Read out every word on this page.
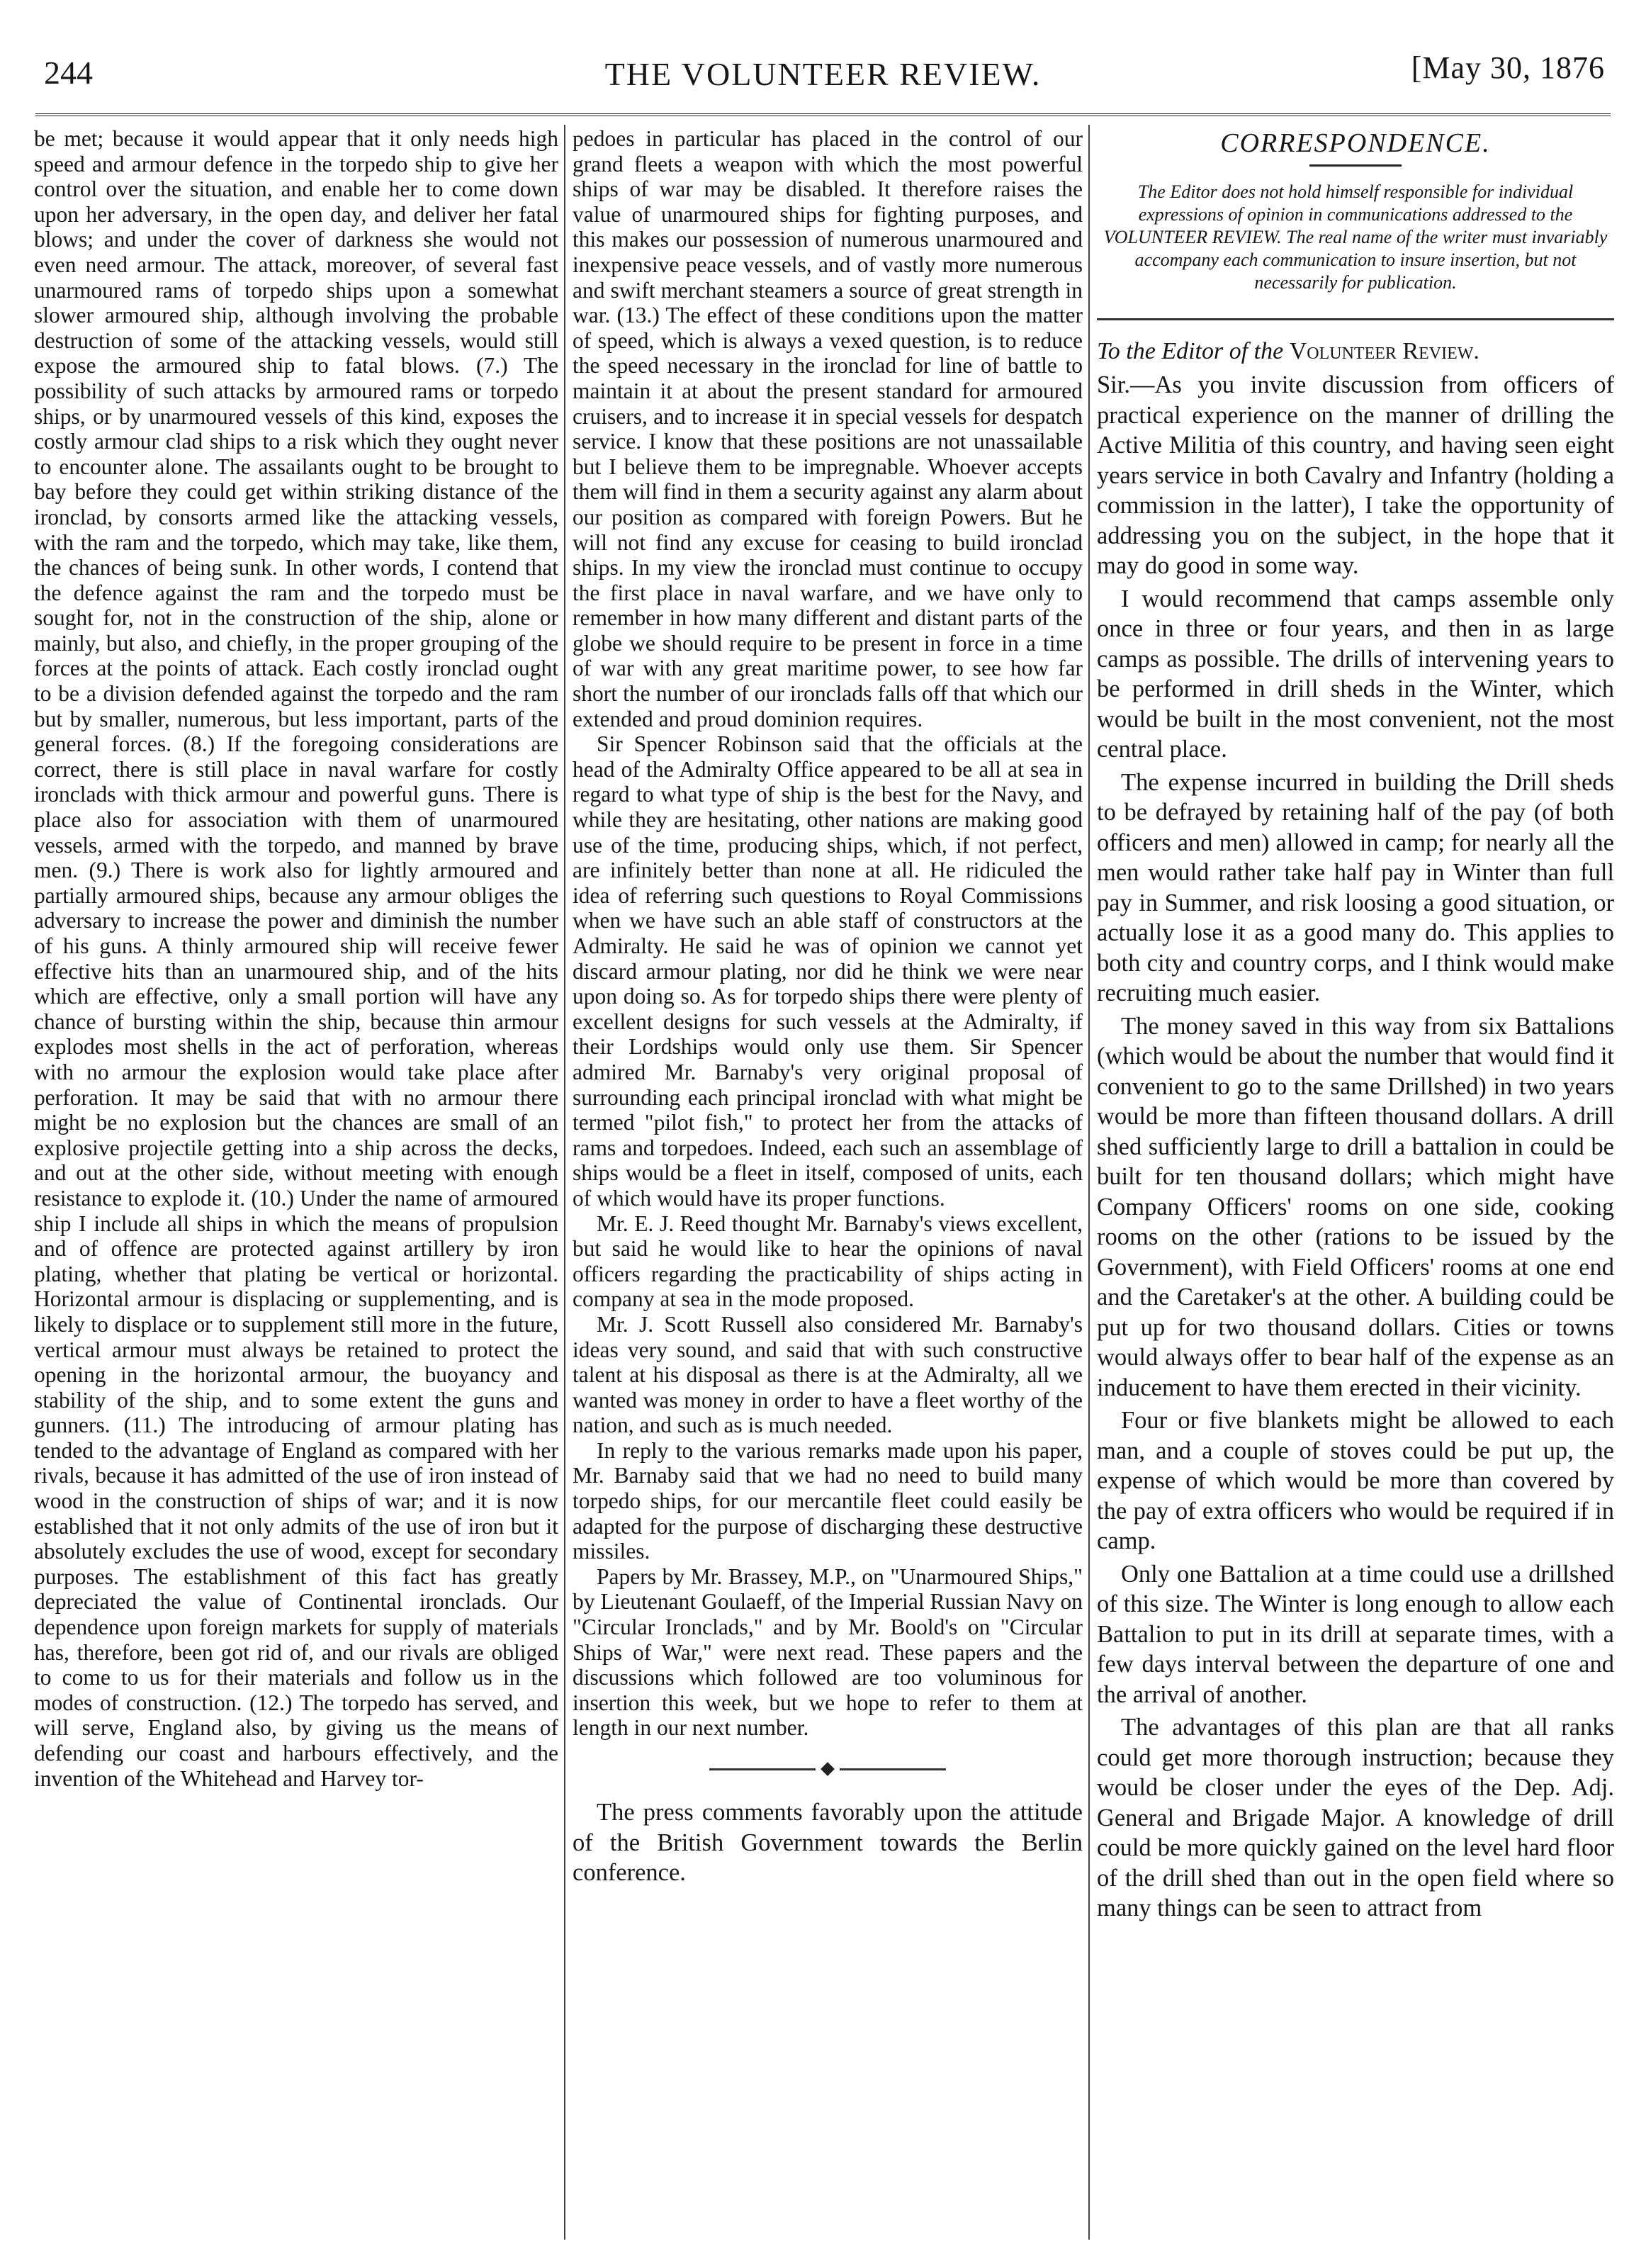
244	THE VOLUNTEER REVIEW.	[May 30, 1876

be met; because it would appear that it only needs high speed and armour defence in the torpedo ship to give her control over the situation, and enable her to come down upon her adversary, in the open day, and deliver her fatal blows; and under the cover of darkness she would not even need armour. The attack, moreover, of several fast unarmoured rams of torpedo ships upon a somewhat slower armoured ship, although involving the probable destruction of some of the attacking vessels, would still expose the armoured ship to fatal blows. (7.) The possibility of such attacks by armoured rams or torpedo ships, or by unarmoured vessels of this kind, exposes the costly armour clad ships to a risk which they ought never to encounter alone. The assailants ought to be brought to bay before they could get within striking distance of the ironclad, by consorts armed like the attacking vessels, with the ram and the torpedo, which may take, like them, the chances of being sunk. In other words, I contend that the defence against the ram and the torpedo must be sought for, not in the construction of the ship, alone or mainly, but also, and chiefly, in the proper grouping of the forces at the points of attack. Each costly ironclad ought to be a division defended against the torpedo and the ram but by smaller, numerous, but less important, parts of the general forces. (8.) If the foregoing considerations are correct, there is still place in naval warfare for costly ironclads with thick armour and powerful guns. There is place also for association with them of unarmoured vessels, armed with the torpedo, and manned by brave men. (9.) There is work also for lightly armoured and partially armoured ships, because any armour obliges the adversary to increase the power and diminish the number of his guns. A thinly armoured ship will receive fewer effective hits than an unarmoured ship, and of the hits which are effective, only a small portion will have any chance of bursting within the ship, because thin armour explodes most shells in the act of perforation, whereas with no armour the explosion would take place after perforation. It may be said that with no armour there might be no explosion but the chances are small of an explosive projectile getting into a ship across the decks, and out at the other side, without meeting with enough resistance to explode it. (10.) Under the name of armoured ship I include all ships in which the means of propulsion and of offence are protected against artillery by iron plating, whether that plating be vertical or horizontal. Horizontal armour is displacing or supplementing, and is likely to displace or to supplement still more in the future, vertical armour must always be retained to protect the opening in the horizontal armour, the buoyancy and stability of the ship, and to some extent the guns and gunners. (11.) The introducing of armour plating has tended to the advantage of England as compared with her rivals, because it has admitted of the use of iron instead of wood in the construction of ships of war; and it is now established that it not only admits of the use of iron but it absolutely excludes the use of wood, except for secondary purposes. The establishment of this fact has greatly depreciated the value of Continental ironclads. Our dependence upon foreign markets for supply of materials has, therefore, been got rid of, and our rivals are obliged to come to us for their materials and follow us in the modes of construction. (12.) The torpedo has served, and will serve, England also, by giving us the means of defending our coast and harbours effectively, and the invention of the Whitehead and Harvey tor-

pedoes in particular has placed in the control of our grand fleets a weapon with which the most powerful ships of war may be disabled. It therefore raises the value of unarmoured ships for fighting purposes, and this makes our possession of numerous unarmoured and inexpensive peace vessels, and of vastly more numerous and swift merchant steamers a source of great strength in war. (13.) The effect of these conditions upon the matter of speed, which is always a vexed question, is to reduce the speed necessary in the ironclad for line of battle to maintain it at about the present standard for armoured cruisers, and to increase it in special vessels for despatch service. I know that these positions are not unassailable but I believe them to be impregnable. Whoever accepts them will find in them a security against any alarm about our position as compared with foreign Powers. But he will not find any excuse for ceasing to build ironclad ships. In my view the ironclad must continue to occupy the first place in naval warfare, and we have only to remember in how many different and distant parts of the globe we should require to be present in force in a time of war with any great maritime power, to see how far short the number of our ironclads falls off that which our extended and proud dominion requires.

Sir Spencer Robinson said that the officials at the head of the Admiralty Office appeared to be all at sea in regard to what type of ship is the best for the Navy, and while they are hesitating, other nations are making good use of the time, producing ships, which, if not perfect, are infinitely better than none at all. He ridiculed the idea of referring such questions to Royal Commissions when we have such an able staff of constructors at the Admiralty. He said he was of opinion we cannot yet discard armour plating, nor did he think we were near upon doing so. As for torpedo ships there were plenty of excellent designs for such vessels at the Admiralty, if their Lordships would only use them. Sir Spencer admired Mr. Barnaby's very original proposal of surrounding each principal ironclad with what might be termed "pilot fish," to protect her from the attacks of rams and torpedoes. Indeed, each such an assemblage of ships would be a fleet in itself, composed of units, each of which would have its proper functions.

Mr. E. J. Reed thought Mr. Barnaby's views excellent, but said he would like to hear the opinions of naval officers regarding the practicability of ships acting in company at sea in the mode proposed.

Mr. J. Scott Russell also considered Mr. Barnaby's ideas very sound, and said that with such constructive talent at his disposal as there is at the Admiralty, all we wanted was money in order to have a fleet worthy of the nation, and such as is much needed.

In reply to the various remarks made upon his paper, Mr. Barnaby said that we had no need to build many torpedo ships, for our mercantile fleet could easily be adapted for the purpose of discharging these destructive missiles.

Papers by Mr. Brassey, M.P., on "Unarmoured Ships," by Lieutenant Goulaeff, of the Imperial Russian Navy on "Circular Ironclads," and by Mr. Boold's on "Circular Ships of War," were next read. These papers and the discussions which followed are too voluminous for insertion this week, but we hope to refer to them at length in our next number.

The press comments favorably upon the attitude of the British Government towards the Berlin conference.

CORRESPONDENCE.

The Editor does not hold himself responsible for individual expressions of opinion in communications addressed to the VOLUNTEER REVIEW. The real name of the writer must invariably accompany each communication to insure insertion, but not necessarily for publication.

To the Editor of the Volunteer Review.

Sir.—As you invite discussion from officers of practical experience on the manner of drilling the Active Militia of this country, and having seen eight years service in both Cavalry and Infantry (holding a commission in the latter), I take the opportunity of addressing you on the subject, in the hope that it may do good in some way.

I would recommend that camps assemble only once in three or four years, and then in as large camps as possible. The drills of intervening years to be performed in drill sheds in the Winter, which would be built in the most convenient, not the most central place.

The expense incurred in building the Drill sheds to be defrayed by retaining half of the pay (of both officers and men) allowed in camp; for nearly all the men would rather take half pay in Winter than full pay in Summer, and risk loosing a good situation, or actually lose it as a good many do. This applies to both city and country corps, and I think would make recruiting much easier.

The money saved in this way from six Battalions (which would be about the number that would find it convenient to go to the same Drillshed) in two years would be more than fifteen thousand dollars. A drill shed sufficiently large to drill a battalion in could be built for ten thousand dollars; which might have Company Officers' rooms on one side, cooking rooms on the other (rations to be issued by the Government), with Field Officers' rooms at one end and the Caretaker's at the other. A building could be put up for two thousand dollars. Cities or towns would always offer to bear half of the expense as an inducement to have them erected in their vicinity.

Four or five blankets might be allowed to each man, and a couple of stoves could be put up, the expense of which would be more than covered by the pay of extra officers who would be required if in camp.

Only one Battalion at a time could use a drillshed of this size. The Winter is long enough to allow each Battalion to put in its drill at separate times, with a few days interval between the departure of one and the arrival of another.

The advantages of this plan are that all ranks could get more thorough instruction; because they would be closer under the eyes of the Dep. Adj. General and Brigade Major. A knowledge of drill could be more quickly gained on the level hard floor of the drill shed than out in the open field where so many things can be seen to attract from
